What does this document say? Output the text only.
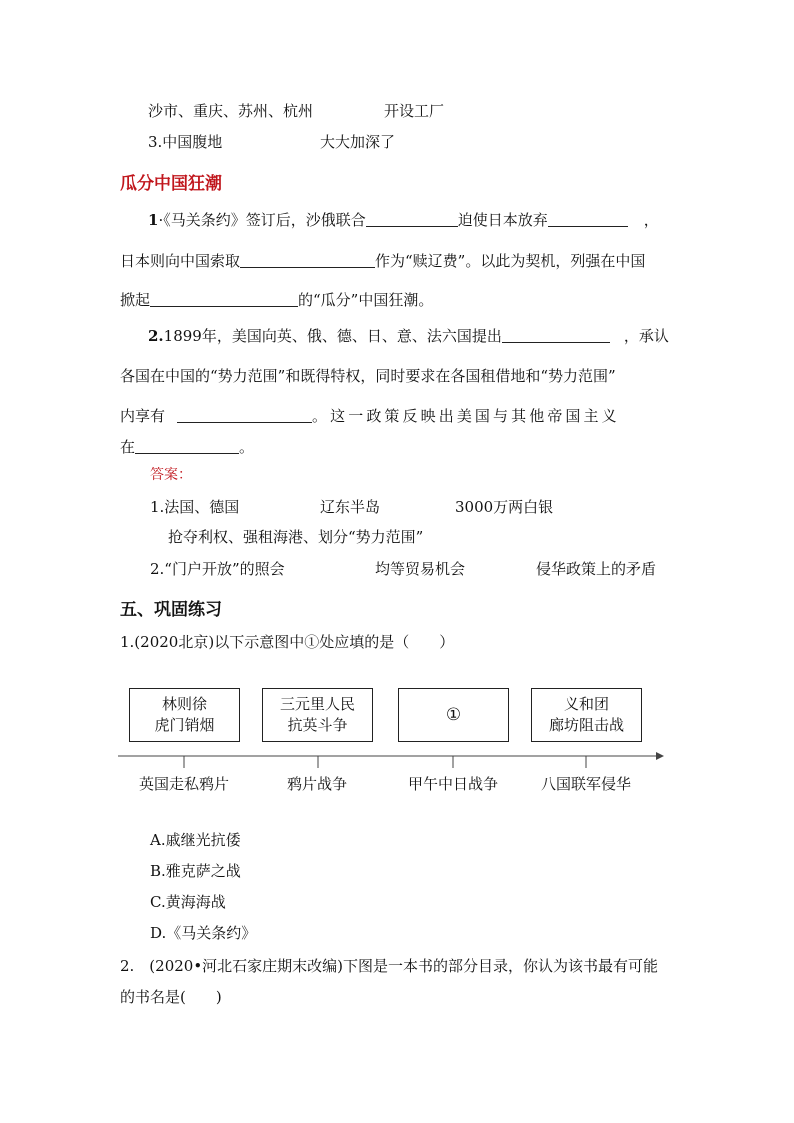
沙市、重庆、苏州、杭州	开设工厂
3.中国腹地	大大加深了
瓜分中国狂潮
1·《马关条约》签订后，沙俄联合	迫使日本放弃	，
日本则向中国索取	作为“赎辽费”。以此为契机，列强在中国
掀起	的“瓜分”中国狂潮。
2.1899年，美国向英、俄、德、日、意、法六国提出	，承认
各国在中国的“势力范围”和既得特权，同时要求在各国租借地和“势力范围”
内享有	。这一政策反映出美国与其他帝国主义
在	。
答案：
1.法国、德国	辽东半岛	3000万两白银
抢夺利权、强租海港、划分“势力范围”
2.“门户开放”的照会	均等贸易机会	侵华政策上的矛盾
五、巩固练习
1.(2020北京)以下示意图中①处应填的是（　　）
林则徐
虎门销烟
三元里人民
抗英斗争
①
义和团
廊坊阻击战
英国走私鸦片	鸦片战争	甲午中日战争	八国联军侵华
A.戚继光抗倭
B.雅克萨之战
C.黄海海战
D.《马关条约》
2.　(2020•河北石家庄期末改编)下图是一本书的部分目录，你认为该书最有可能
的书名是(　　)
